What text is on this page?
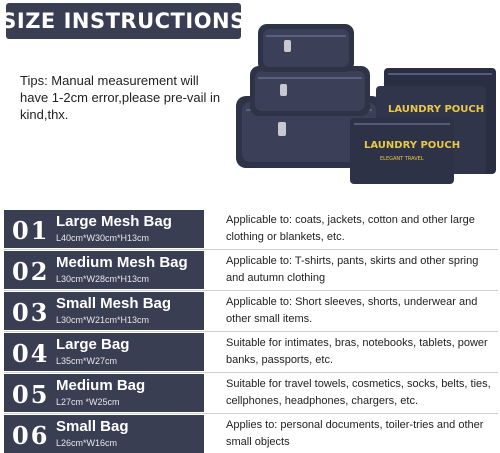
SIZE INSTRUCTIONS
Tips: Manual measurement will have 1-2cm error,please pre-vail in kind,thx.	LAUNDRY POUCH
LAUNDRY POUCH
ELEGANT TRAVEL
01 Large Mesh Bag
L40cm*W30cm*H13cm
Applicable to: coats, jackets, cotton and other large clothing or blankets, etc.
02 Medium Mesh Bag
L30cm*W28cm*H13cm
Applicable to: T-shirts, pants, skirts and other spring and autumn clothing
03 Small Mesh Bag
L30cm*W21cm*H13cm
Applicable to: Short sleeves, shorts, underwear and other small items.
04 Large Bag
L35cm*W27cm
Suitable for intimates, bras, notebooks, tablets, power banks, passports, etc.
05 Medium Bag
L27cm *W25cm
Suitable for travel towels, cosmetics, socks, belts, ties, cellphones, headphones, chargers, etc.
06 Small Bag
L26cm*W16cm
Applies to: personal documents, toiler-tries and other small objects
